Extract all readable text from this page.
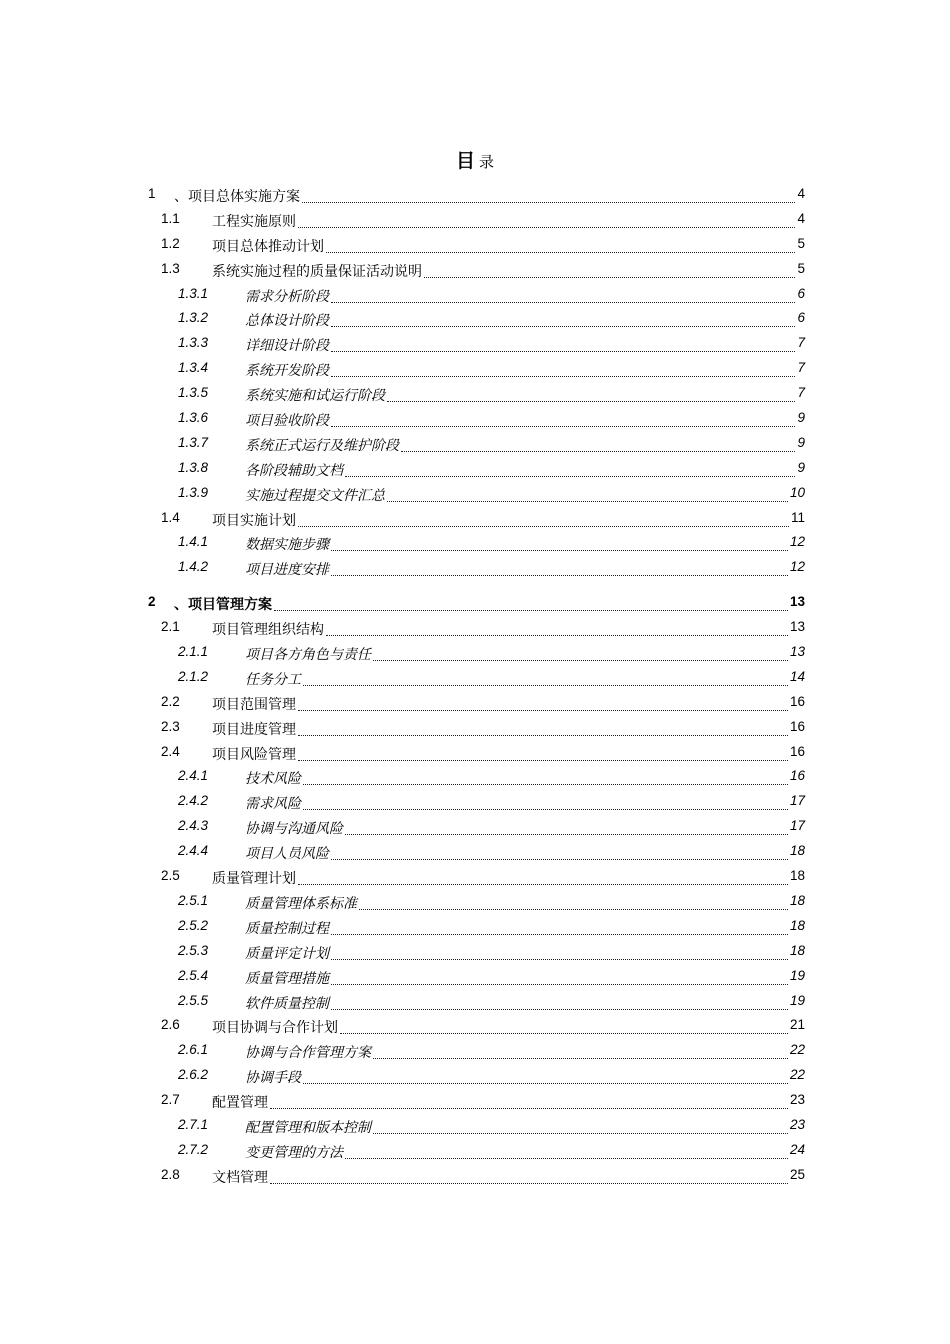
目 录
1 、项目总体实施方案	4
1.1 工程实施原则	4
1.2 项目总体推动计划	5
1.3 系统实施过程的质量保证活动说明	5
1.3.1	需求分析阶段	6
1.3.2	总体设计阶段	6
1.3.3	详细设计阶段	7
1.3.4	系统开发阶段	7
1.3.5	系统实施和试运行阶段	7
1.3.6	项目验收阶段	9
1.3.7	系统正式运行及维护阶段	9
1.3.8	各阶段辅助文档	9
1.3.9	实施过程提交文件汇总	10
1.4 项目实施计划	11
1.4.1	数据实施步骤	12
1.4.2	项目进度安排	12
2 、项目管理方案	13
2.1 项目管理组织结构	13
2.1.1	项目各方角色与责任	13
2.1.2	任务分工	14
2.2 项目范围管理	16
2.3 项目进度管理	16
2.4 项目风险管理	16
2.4.1	技术风险	16
2.4.2	需求风险	17
2.4.3	协调与沟通风险	17
2.4.4	项目人员风险	18
2.5 质量管理计划	18
2.5.1	质量管理体系标准	18
2.5.2	质量控制过程	18
2.5.3	质量评定计划	18
2.5.4	质量管理措施	19
2.5.5	软件质量控制	19
2.6 项目协调与合作计划	21
2.6.1	协调与合作管理方案	22
2.6.2	协调手段	22
2.7 配置管理	23
2.7.1	配置管理和版本控制	23
2.7.2	变更管理的方法	24
2.8 文档管理	25
